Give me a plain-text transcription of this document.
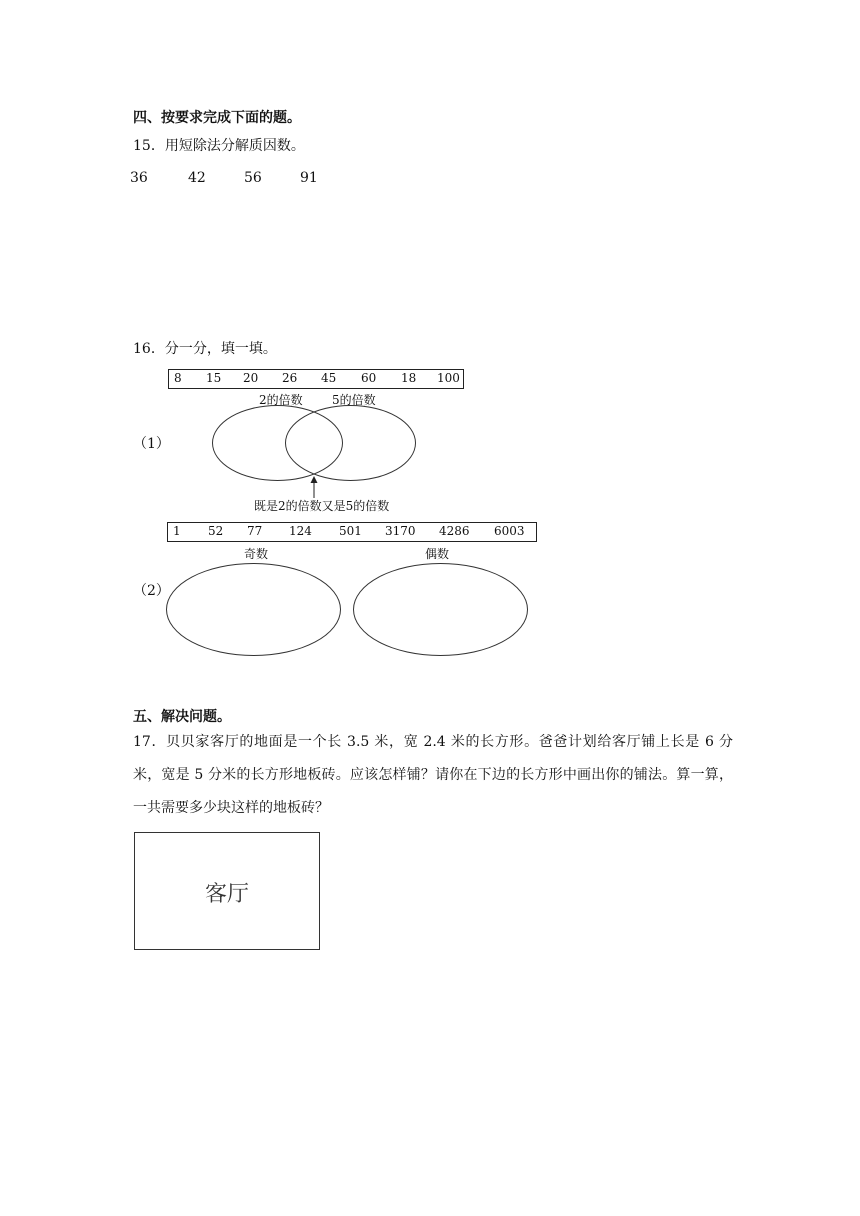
四、按要求完成下面的题。
15．用短除法分解质因数。
36	42	56	91
16．分一分，填一填。
8 15 20 26 45 60 18 100
2的倍数 5的倍数
（1）
既是2的倍数又是5的倍数
1 52 77 124 501 3170 4286 6003
奇数	偶数
（2）
五、解决问题。
17．贝贝家客厅的地面是一个长 3.5 米，宽 2.4 米的长方形。爸爸计划给客厅铺上长是 6 分米，宽是 5 分米的长方形地板砖。应该怎样铺？请你在下边的长方形中画出你的铺法。算一算，一共需要多少块这样的地板砖？
客厅
